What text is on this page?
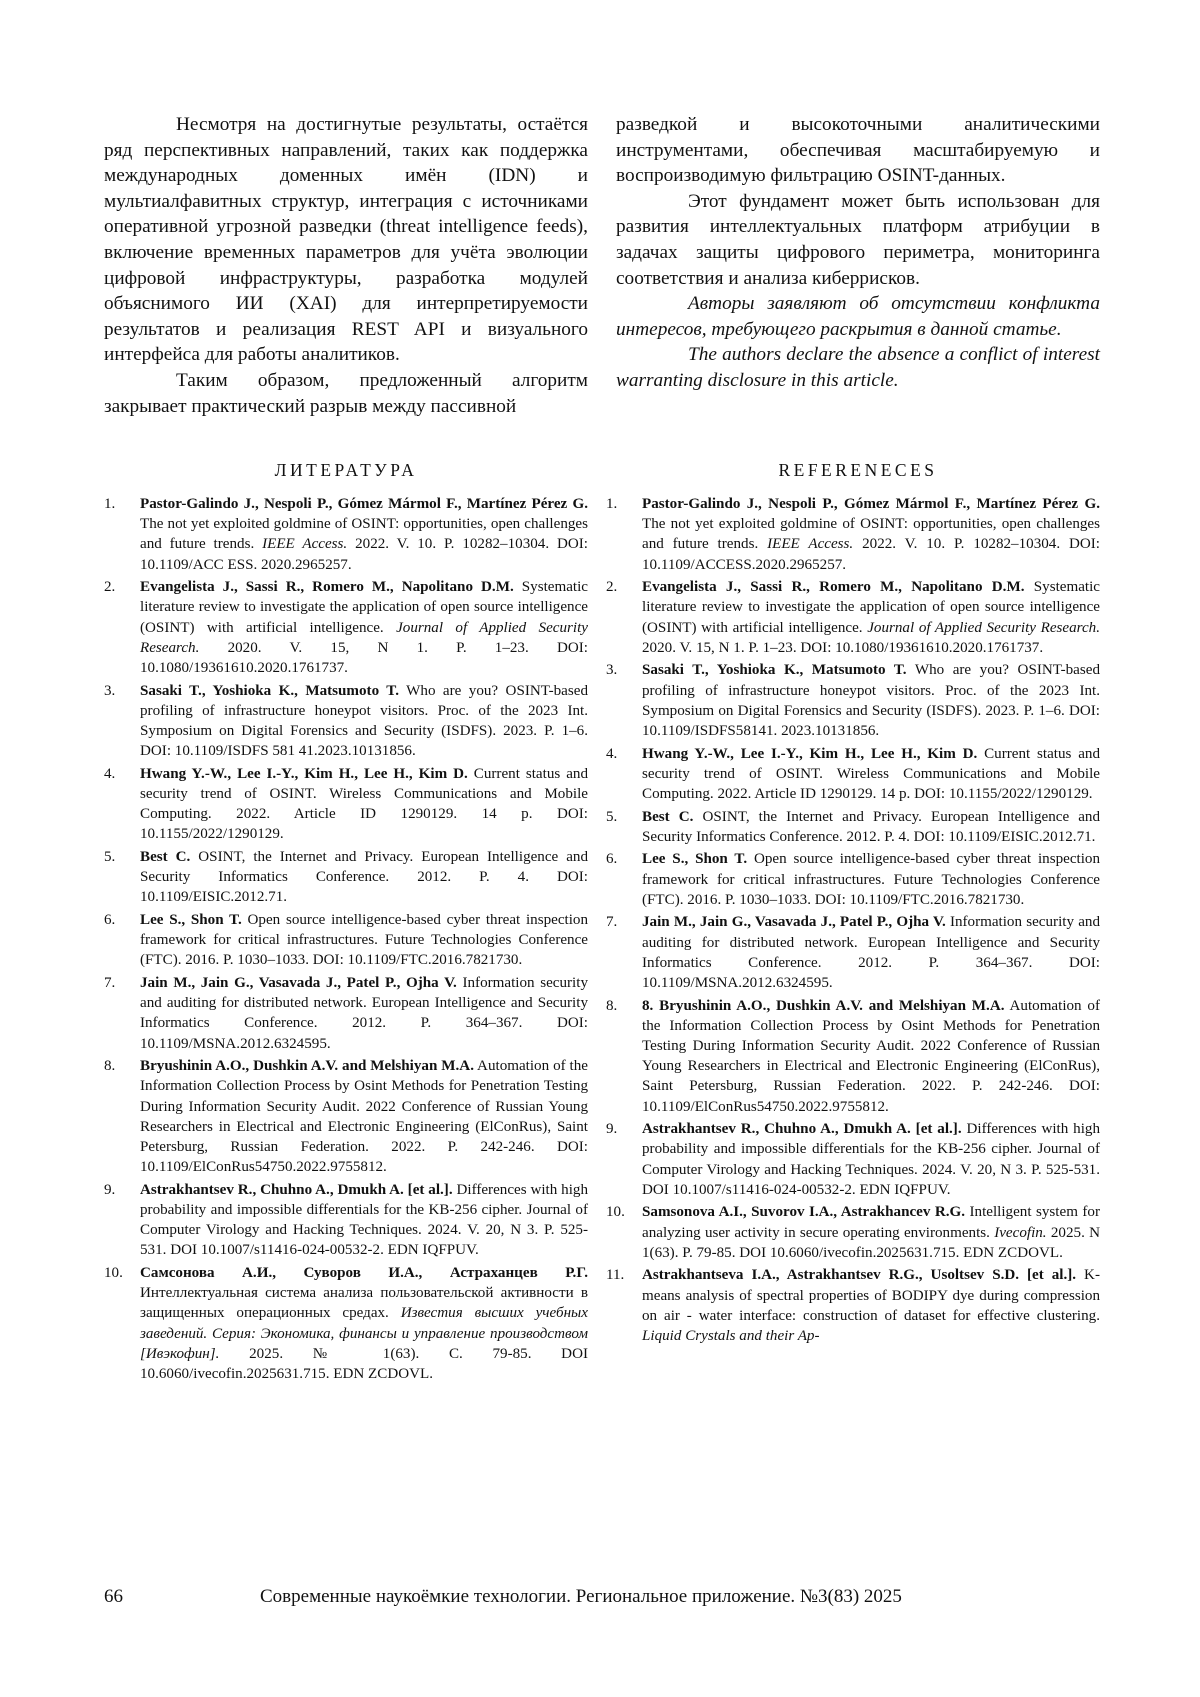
Несмотря на достигнутые результаты, остаётся ряд перспективных направлений, таких как поддержка международных доменных имён (IDN) и мультиалфавитных структур, интеграция с источниками оперативной угрозной разведки (threat intelligence feeds), включение временных параметров для учёта эволюции цифровой инфраструктуры, разработка модулей объяснимого ИИ (XAI) для интерпретируемости результатов и реализация REST API и визуального интерфейса для работы аналитиков.

Таким образом, предложенный алгоритм закрывает практический разрыв между пассивной

разведкой и высокоточными аналитическими инструментами, обеспечивая масштабируемую и воспроизводимую фильтрацию OSINT-данных.

Этот фундамент может быть использован для развития интеллектуальных платформ атрибуции в задачах защиты цифрового периметра, мониторинга соответствия и анализа киберрисков.

Авторы заявляют об отсутствии конфликта интересов, требующего раскрытия в данной статье.

The authors declare the absence a conflict of interest warranting disclosure in this article.

ЛИТЕРАТУРА	REFERENECES

1. Pastor-Galindo J., Nespoli P., Gómez Mármol F., Martínez Pérez G. The not yet exploited goldmine of OSINT: opportunities, open challenges and future trends. IEEE Access. 2022. V. 10. P. 10282–10304. DOI: 10.1109/ACC ESS. 2020.2965257.

2. Evangelista J., Sassi R., Romero M., Napolitano D.M. Systematic literature review to investigate the application of open source intelligence (OSINT) with artificial intelligence. Journal of Applied Security Research. 2020. V. 15, N 1. P. 1–23. DOI: 10.1080/19361610.2020.1761737.

3. Sasaki T., Yoshioka K., Matsumoto T. Who are you? OSINT-based profiling of infrastructure honeypot visitors. Proc. of the 2023 Int. Symposium on Digital Forensics and Security (ISDFS). 2023. P. 1–6. DOI: 10.1109/ISDFS 581 41.2023.10131856.

4. Hwang Y.-W., Lee I.-Y., Kim H., Lee H., Kim D. Current status and security trend of OSINT. Wireless Communications and Mobile Computing. 2022. Article ID 1290129. 14 p. DOI: 10.1155/2022/1290129.

5. Best C. OSINT, the Internet and Privacy. European Intelligence and Security Informatics Conference. 2012. P. 4. DOI: 10.1109/EISIC.2012.71.

6. Lee S., Shon T. Open source intelligence-based cyber threat inspection framework for critical infrastructures. Future Technologies Conference (FTC). 2016. P. 1030–1033. DOI: 10.1109/FTC.2016.7821730.

7. Jain M., Jain G., Vasavada J., Patel P., Ojha V. Information security and auditing for distributed network. European Intelligence and Security Informatics Conference. 2012. P. 364–367. DOI: 10.1109/MSNA.2012.6324595.

8. Bryushinin A.O., Dushkin A.V. and Melshiyan M.A. Automation of the Information Collection Process by Osint Methods for Penetration Testing During Information Security Audit. 2022 Conference of Russian Young Researchers in Electrical and Electronic Engineering (ElConRus), Saint Petersburg, Russian Federation. 2022. P. 242-246. DOI: 10.1109/ElConRus54750.2022.9755812.

9. Astrakhantsev R., Chuhno A., Dmukh A. [et al.]. Differences with high probability and impossible differentials for the KB-256 cipher. Journal of Computer Virology and Hacking Techniques. 2024. V. 20, N 3. P. 525-531. DOI 10.1007/s11416-024-00532-2. EDN IQFPUV.

10. Самсонова А.И., Суворов И.А., Астраханцев Р.Г. Интеллектуальная система анализа пользовательской активности в защищенных операционных средах. Известия высших учебных заведений. Серия: Экономика, финансы и управление производством [Ивэкофин]. 2025. № 1(63). С. 79-85. DOI 10.6060/ivecofin.2025631.715. EDN ZCDOVL.

1. Pastor-Galindo J., Nespoli P., Gómez Mármol F., Martínez Pérez G. The not yet exploited goldmine of OSINT: opportunities, open challenges and future trends. IEEE Access. 2022. V. 10. P. 10282–10304. DOI: 10.1109/ACCESS.2020.2965257.

2. Evangelista J., Sassi R., Romero M., Napolitano D.M. Systematic literature review to investigate the application of open source intelligence (OSINT) with artificial intelligence. Journal of Applied Security Research. 2020. V. 15, N 1. P. 1–23. DOI: 10.1080/19361610.2020.1761737.

3. Sasaki T., Yoshioka K., Matsumoto T. Who are you? OSINT-based profiling of infrastructure honeypot visitors. Proc. of the 2023 Int. Symposium on Digital Forensics and Security (ISDFS). 2023. P. 1–6. DOI: 10.1109/ISDFS58141. 2023.10131856.

4. Hwang Y.-W., Lee I.-Y., Kim H., Lee H., Kim D. Current status and security trend of OSINT. Wireless Communications and Mobile Computing. 2022. Article ID 1290129. 14 p. DOI: 10.1155/2022/1290129.

5. Best C. OSINT, the Internet and Privacy. European Intelligence and Security Informatics Conference. 2012. P. 4. DOI: 10.1109/EISIC.2012.71.

6. Lee S., Shon T. Open source intelligence-based cyber threat inspection framework for critical infrastructures. Future Technologies Conference (FTC). 2016. P. 1030–1033. DOI: 10.1109/FTC.2016.7821730.

7. Jain M., Jain G., Vasavada J., Patel P., Ojha V. Information security and auditing for distributed network. European Intelligence and Security Informatics Conference. 2012. P. 364–367. DOI: 10.1109/MSNA.2012.6324595.

8. 8. Bryushinin A.O., Dushkin A.V. and Melshiyan M.A. Automation of the Information Collection Process by Osint Methods for Penetration Testing During Information Security Audit. 2022 Conference of Russian Young Researchers in Electrical and Electronic Engineering (ElConRus), Saint Petersburg, Russian Federation. 2022. P. 242-246. DOI: 10.1109/ElConRus54750.2022.9755812.

9. Astrakhantsev R., Chuhno A., Dmukh A. [et al.]. Differences with high probability and impossible differentials for the KB-256 cipher. Journal of Computer Virology and Hacking Techniques. 2024. V. 20, N 3. P. 525-531. DOI 10.1007/s11416-024-00532-2. EDN IQFPUV.

10. Samsonova A.I., Suvorov I.A., Astrakhancev R.G. Intelligent system for analyzing user activity in secure operating environments. Ivecofin. 2025. N 1(63). P. 79-85. DOI 10.6060/ivecofin.2025631.715. EDN ZCDOVL.

11. Astrakhantseva I.A., Astrakhantsev R.G., Usoltsev S.D. [et al.]. K-means analysis of spectral properties of BODIPY dye during compression on air - water interface: construction of dataset for effective clustering. Liquid Crystals and their Ap-

66	Современные наукоёмкие технологии. Региональное приложение. №3(83) 2025
